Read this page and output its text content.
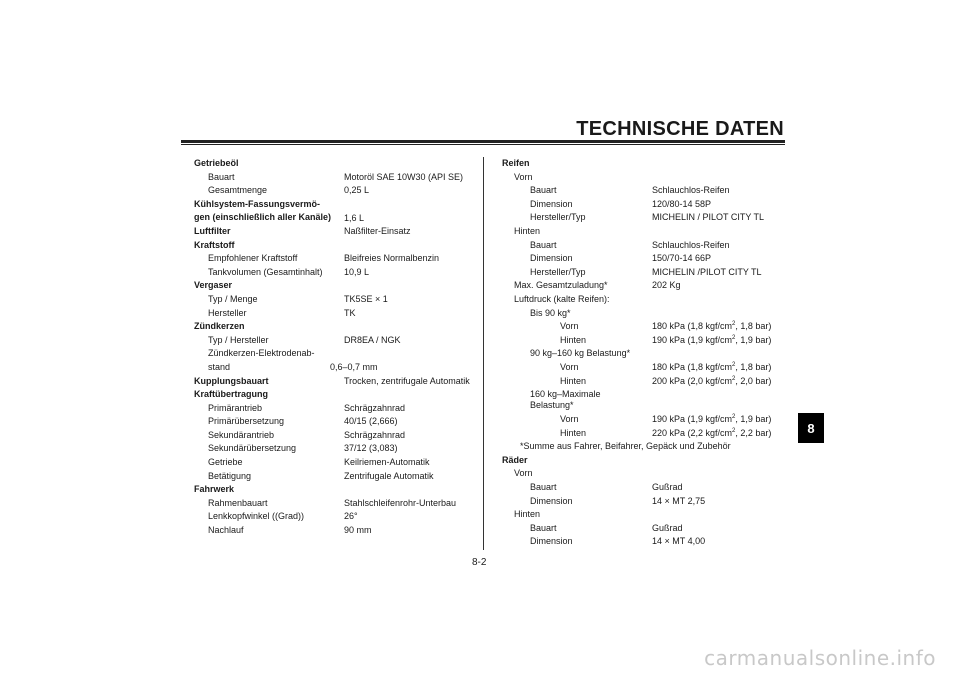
TECHNISCHE DATEN
Getriebeöl
Bauart	Motoröl SAE 10W30 (API SE)
Gesamtmenge	0,25 L
Kühlsystem-Fassungsvermö-
gen (einschließlich aller Kanäle)	1,6 L
Luftfilter	Naßfilter-Einsatz
Kraftstoff
Empfohlener Kraftstoff	Bleifreies Normalbenzin
Tankvolumen (Gesamtinhalt) 10,9 L
Vergaser
Typ / Menge	TK5SE × 1
Hersteller	TK
Zündkerzen
Typ / Hersteller	DR8EA / NGK
Zündkerzen-Elektrodenab-
stand	0,6–0,7 mm
Kupplungsbauart	Trocken, zentrifugale Automatik
Kraftübertragung
Primärantrieb	Schrägzahnrad
Primärübersetzung	40/15 (2,666)
Sekundärantrieb	Schrägzahnrad
Sekundärübersetzung	37/12 (3,083)
Getriebe	Keilriemen-Automatik
Betätigung	Zentrifugale Automatik
Fahrwerk
Rahmenbauart	Stahlschleifenrohr-Unterbau
Lenkkopfwinkel ((Grad))	26°
Nachlauf	90 mm
Reifen
Vorn
Bauart	Schlauchlos-Reifen
Dimension	120/80-14 58P
Hersteller/Typ	MICHELIN / PILOT CITY TL
Hinten
Bauart	Schlauchlos-Reifen
Dimension	150/70-14 66P
Hersteller/Typ	MICHELIN /PILOT CITY TL
Max. Gesamtzuladung*	202 Kg
Luftdruck (kalte Reifen):
Bis 90 kg*
Vorn	180 kPa (1,8 kgf/$cm^2$, 1,8 bar)
Hinten	190 kPa (1,9 kgf/$cm^2$, 1,9 bar)
90 kg–160 kg Belastung*
Vorn	180 kPa (1,8 kgf/$cm^2$, 1,8 bar)
Hinten	200 kPa (2,0 kgf/$cm^2$, 2,0 bar)
160 kg–Maximale
Belastung*
Vorn	190 kPa (1,9 kgf/$cm^2$, 1,9 bar)
Hinten	220 kPa (2,2 kgf/$cm^2$, 2,2 bar)
*Summe aus Fahrer, Beifahrer, Gepäck und Zubehör
Räder
Vorn
Bauart	Gußrad
Dimension	14 × MT 2,75
Hinten
Bauart	Gußrad
Dimension	14 × MT 4,00
8-2
8
carmanualsonline.info
